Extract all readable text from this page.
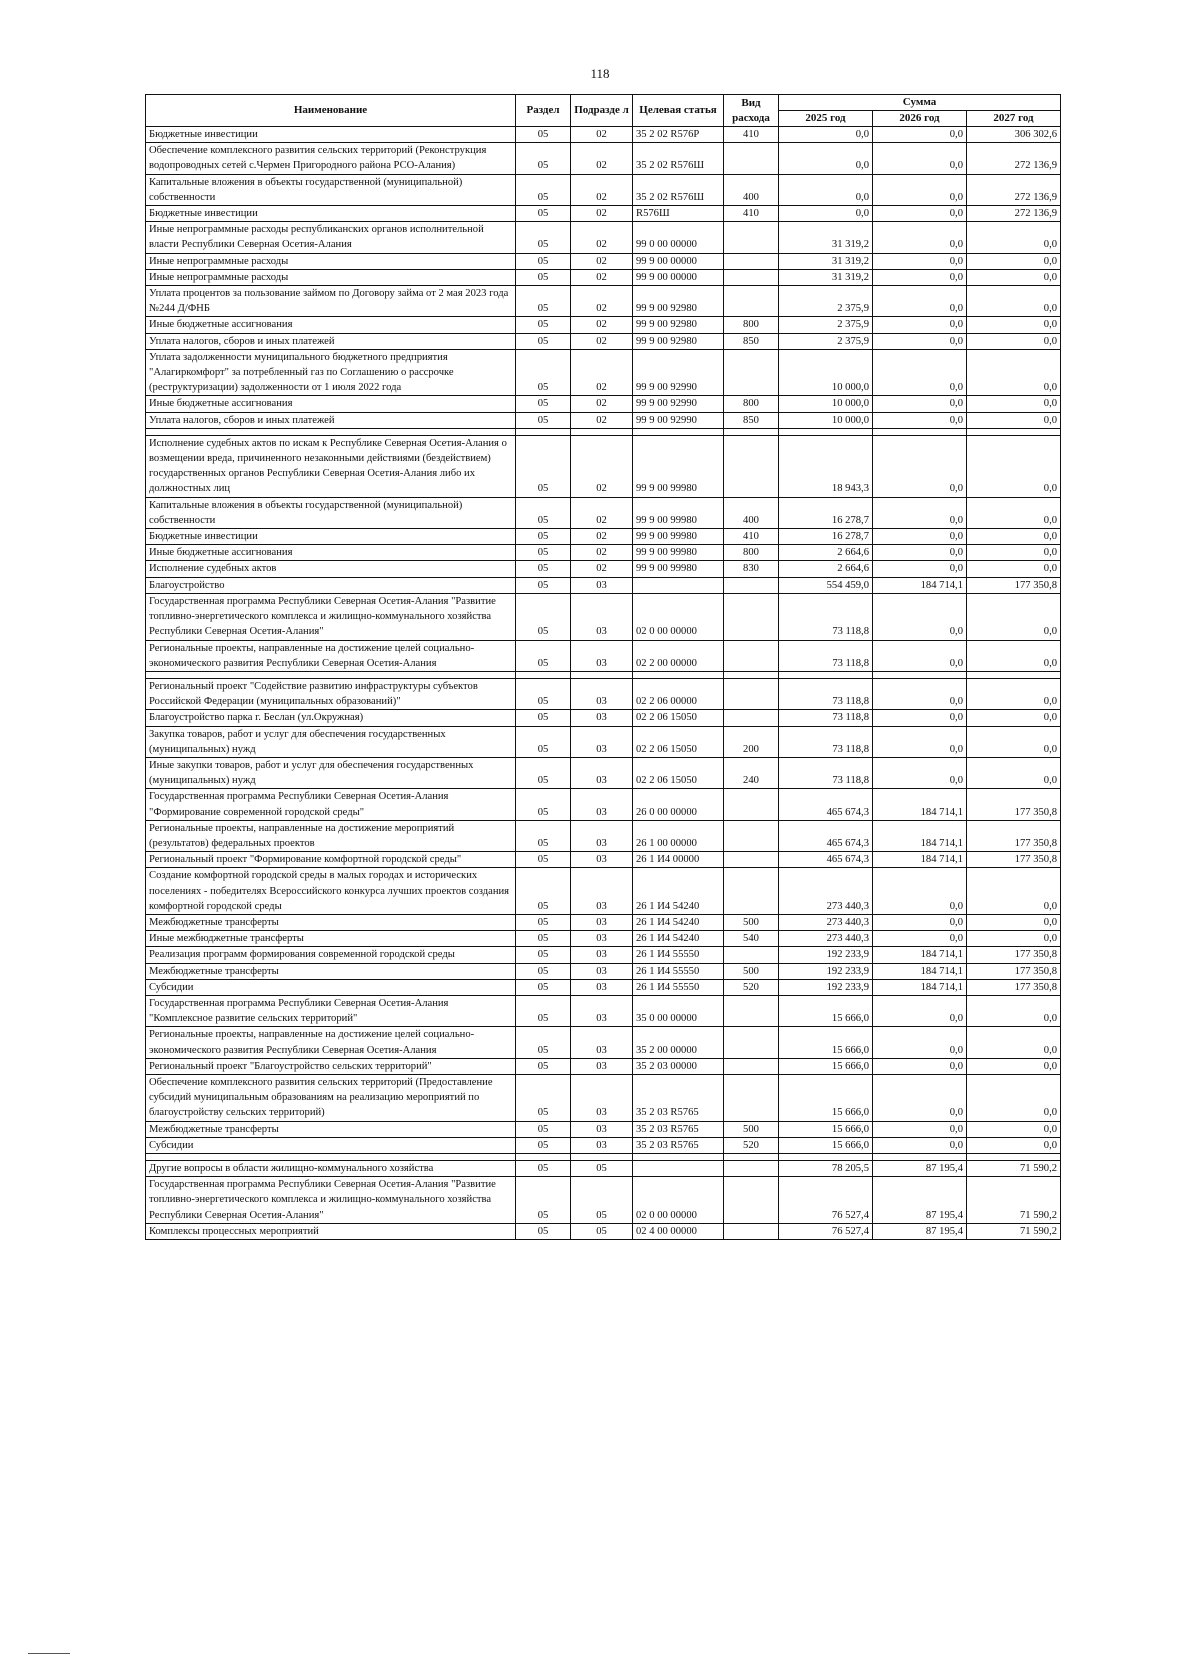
118
Наименование	Раздел	Подразде л	Целевая статья	Вид расхода	Сумма		
					2025 год	2026 год	2027 год
Бюджетные инвестиции	05	02	35 2 02 R576Р	410	0,0	0,0	306 302,6
Обеспечение комплексного развития сельских территорий (Реконструкция водопроводных сетей с.Чермен Пригородного района РСО-Алания)	05	02	35 2 02 R576Ш		0,0	0,0	272 136,9
Капитальные вложения в объекты государственной (муниципальной) собственности	05	02	35 2 02 R576Ш	400	0,0	0,0	272 136,9
Бюджетные инвестиции	05	02	R576Ш	410	0,0	0,0	272 136,9
Иные непрограммные расходы республиканских органов исполнительной власти Республики Северная Осетия-Алания	05	02	99 0 00 00000		31 319,2	0,0	0,0
Иные непрограммные расходы	05	02	99 9 00 00000		31 319,2	0,0	0,0
Иные непрограммные расходы	05	02	99 9 00 00000		31 319,2	0,0	0,0
Уплата процентов за пользование займом по Договору займа от 2 мая 2023 года №244 Д/ФНБ	05	02	99 9 00 92980		2 375,9	0,0	0,0
Иные бюджетные ассигнования	05	02	99 9 00 92980	800	2 375,9	0,0	0,0
Уплата налогов, сборов и иных платежей	05	02	99 9 00 92980	850	2 375,9	0,0	0,0
Уплата задолженности муниципального бюджетного предприятия "Алагиркомфорт" за потребленный газ по Соглашению о рассрочке (реструктуризации) задолженности от 1 июля 2022 года	05	02	99 9 00 92990		10 000,0	0,0	0,0
Иные бюджетные ассигнования	05	02	99 9 00 92990	800	10 000,0	0,0	0,0
Уплата налогов, сборов и иных платежей	05	02	99 9 00 92990	850	10 000,0	0,0	0,0

Исполнение судебных актов по искам к Республике Северная Осетия-Алания о возмещении вреда, причиненного незаконными действиями (бездействием) государственных органов Республики Северная Осетия-Алания либо их должностных лиц	05	02	99 9 00 99980		18 943,3	0,0	0,0
Капитальные вложения в объекты государственной (муниципальной) собственности	05	02	99 9 00 99980	400	16 278,7	0,0	0,0
Бюджетные инвестиции	05	02	99 9 00 99980	410	16 278,7	0,0	0,0
Иные бюджетные ассигнования	05	02	99 9 00 99980	800	2 664,6	0,0	0,0
Исполнение судебных актов	05	02	99 9 00 99980	830	2 664,6	0,0	0,0
Благоустройство	05	03			554 459,0	184 714,1	177 350,8
Государственная программа Республики Северная Осетия-Алания "Развитие топливно-энергетического комплекса и жилищно-коммунального хозяйства Республики Северная Осетия-Алания"	05	03	02 0 00 00000		73 118,8	0,0	0,0
Региональные проекты, направленные на достижение целей социально-экономического развития Республики Северная Осетия-Алания	05	03	02 2 00 00000		73 118,8	0,0	0,0

Региональный проект "Содействие развитию инфраструктуры субъектов Российской Федерации (муниципальных образований)"	05	03	02 2 06 00000		73 118,8	0,0	0,0
Благоустройство парка г. Беслан (ул.Окружная)	05	03	02 2 06 15050		73 118,8	0,0	0,0
Закупка товаров, работ и услуг для обеспечения государственных (муниципальных) нужд	05	03	02 2 06 15050	200	73 118,8	0,0	0,0
Иные закупки товаров, работ и услуг для обеспечения государственных (муниципальных) нужд	05	03	02 2 06 15050	240	73 118,8	0,0	0,0
Государственная программа Республики Северная Осетия-Алания "Формирование современной городской среды"	05	03	26 0 00 00000		465 674,3	184 714,1	177 350,8
Региональные проекты, направленные на достижение мероприятий (результатов) федеральных проектов	05	03	26 1 00 00000		465 674,3	184 714,1	177 350,8
Региональный проект "Формирование комфортной городской среды"	05	03	26 1 И4 00000		465 674,3	184 714,1	177 350,8
Создание комфортной городской среды в малых городах и исторических поселениях - победителях Всероссийского конкурса лучших проектов создания комфортной городской среды	05	03	26 1 И4 54240		273 440,3	0,0	0,0
Межбюджетные трансферты	05	03	26 1 И4 54240	500	273 440,3	0,0	0,0
Иные межбюджетные трансферты	05	03	26 1 И4 54240	540	273 440,3	0,0	0,0
Реализация программ формирования современной городской среды	05	03	26 1 И4 55550		192 233,9	184 714,1	177 350,8
Межбюджетные трансферты	05	03	26 1 И4 55550	500	192 233,9	184 714,1	177 350,8
Субсидии	05	03	26 1 И4 55550	520	192 233,9	184 714,1	177 350,8
Государственная программа Республики Северная Осетия-Алания "Комплексное развитие сельских территорий"	05	03	35 0 00 00000		15 666,0	0,0	0,0
Региональные проекты, направленные на достижение целей социально-экономического развития Республики Северная Осетия-Алания	05	03	35 2 00 00000		15 666,0	0,0	0,0
Региональный проект "Благоустройство сельских территорий"	05	03	35 2 03 00000		15 666,0	0,0	0,0
Обеспечение комплексного развития сельских территорий (Предоставление субсидий муниципальным образованиям на реализацию мероприятий по благоустройству сельских территорий)	05	03	35 2 03 R5765		15 666,0	0,0	0,0
Межбюджетные трансферты	05	03	35 2 03 R5765	500	15 666,0	0,0	0,0
Субсидии	05	03	35 2 03 R5765	520	15 666,0	0,0	0,0

Другие вопросы в области жилищно-коммунального хозяйства	05	05			78 205,5	87 195,4	71 590,2
Государственная программа Республики Северная Осетия-Алания "Развитие топливно-энергетического комплекса и жилищно-коммунального хозяйства Республики Северная Осетия-Алания"	05	05	02 0 00 00000		76 527,4	87 195,4	71 590,2
Комплексы процессных мероприятий	05	05	02 4 00 00000		76 527,4	87 195,4	71 590,2
